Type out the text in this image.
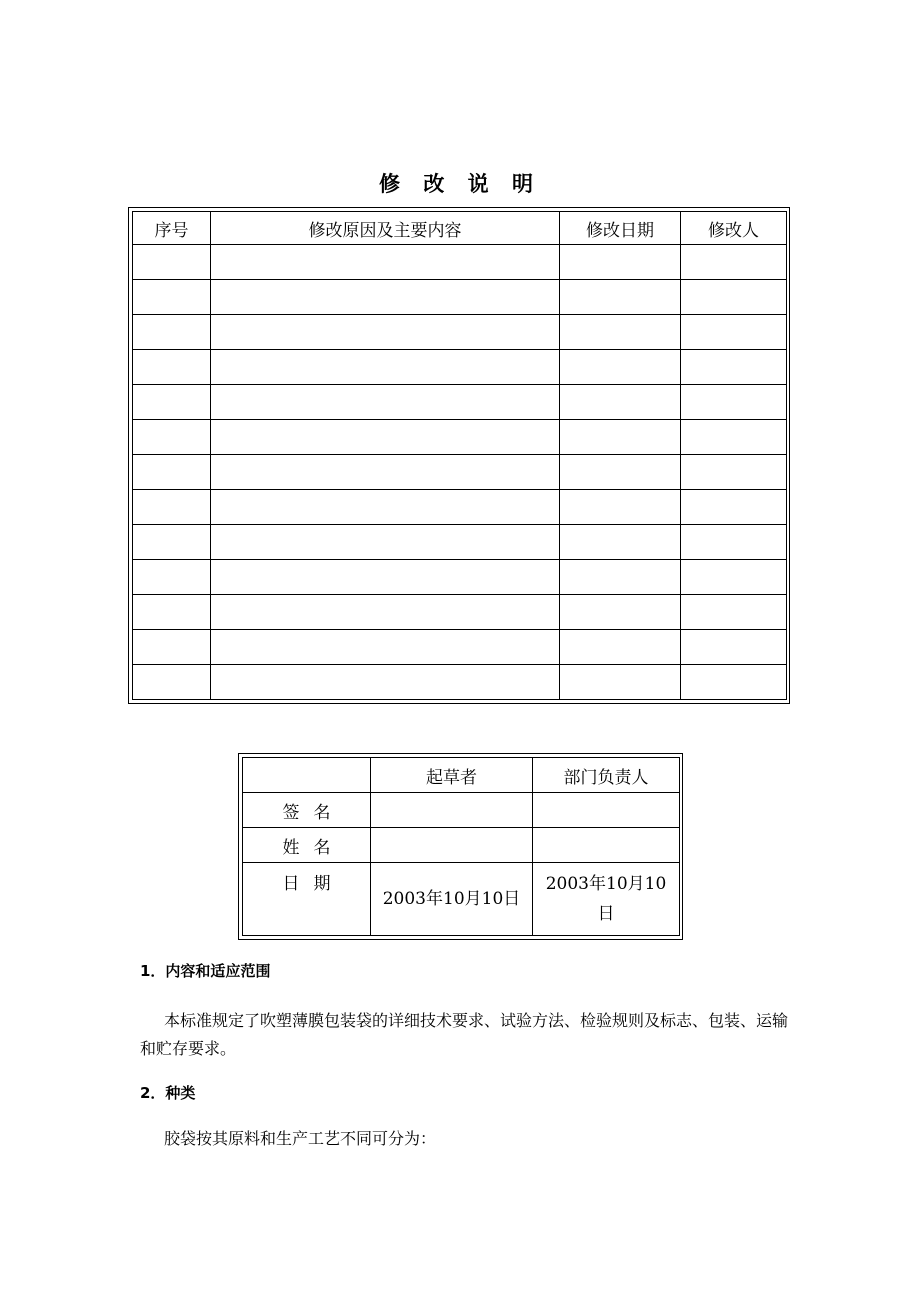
修 改 说 明
序号	修改原因及主要内容	修改日期	修改人

	起草者	部门负责人
签名		
姓名		
日期	2003年10月10日	2003年10月10日
1．内容和适应范围
本标准规定了吹塑薄膜包装袋的详细技术要求、试验方法、检验规则及标志、包装、运输和贮存要求。
2．种类
胶袋按其原料和生产工艺不同可分为：
